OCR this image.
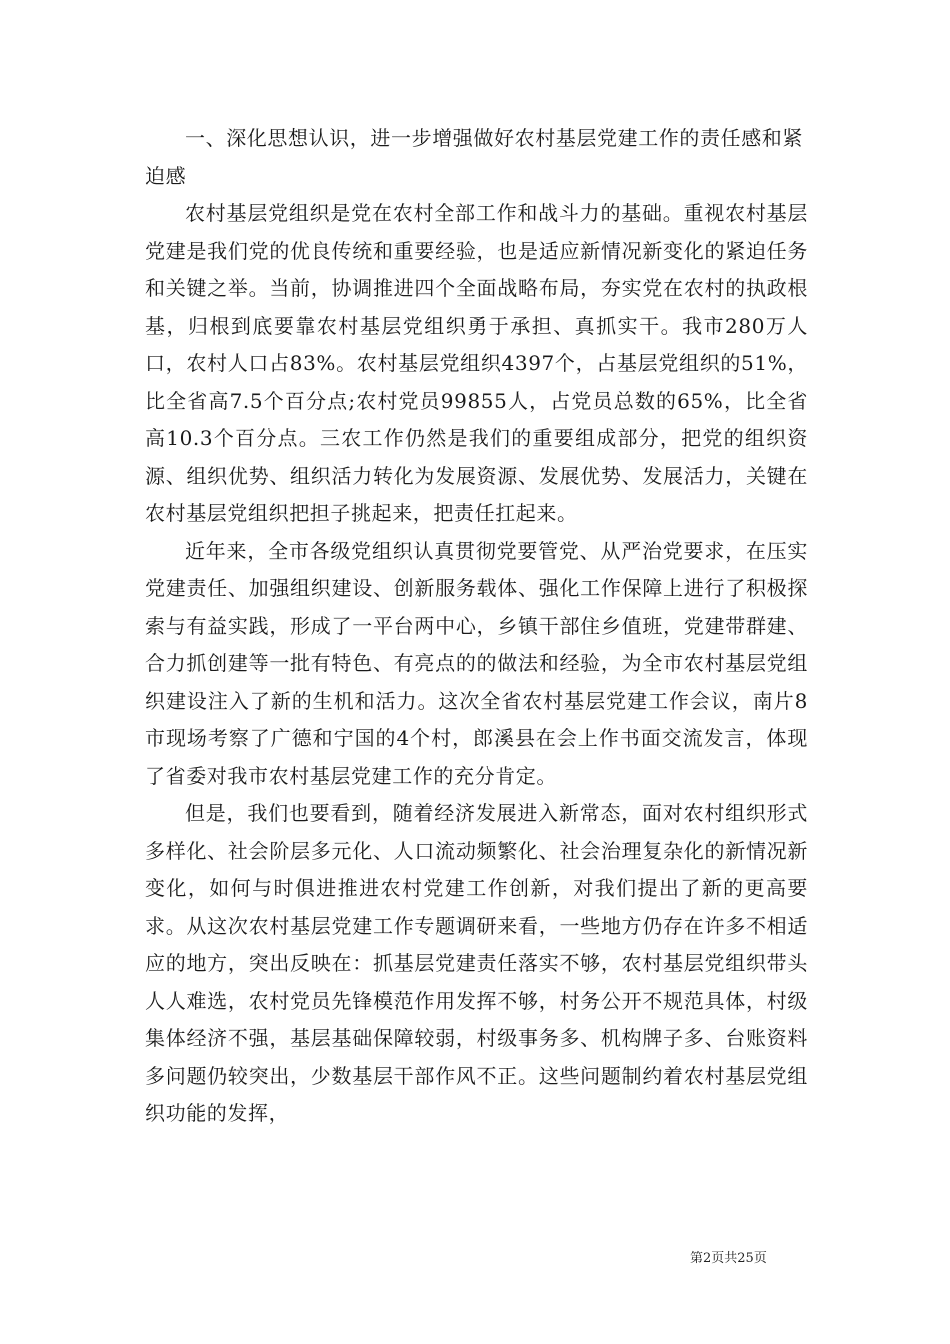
一、深化思想认识，进一步增强做好农村基层党建工作的责任感和紧迫感

农村基层党组织是党在农村全部工作和战斗力的基础。重视农村基层党建是我们党的优良传统和重要经验，也是适应新情况新变化的紧迫任务和关键之举。当前，协调推进四个全面战略布局，夯实党在农村的执政根基，归根到底要靠农村基层党组织勇于承担、真抓实干。我市280万人口，农村人口占83%。农村基层党组织4397个，占基层党组织的51%，比全省高7.5个百分点;农村党员99855人，占党员总数的65%，比全省高10.3个百分点。三农工作仍然是我们的重要组成部分，把党的组织资源、组织优势、组织活力转化为发展资源、发展优势、发展活力，关键在农村基层党组织把担子挑起来，把责任扛起来。

近年来，全市各级党组织认真贯彻党要管党、从严治党要求，在压实党建责任、加强组织建设、创新服务载体、强化工作保障上进行了积极探索与有益实践，形成了一平台两中心，乡镇干部住乡值班，党建带群建、合力抓创建等一批有特色、有亮点的的做法和经验，为全市农村基层党组织建设注入了新的生机和活力。这次全省农村基层党建工作会议，南片8市现场考察了广德和宁国的4个村，郎溪县在会上作书面交流发言，体现了省委对我市农村基层党建工作的充分肯定。

但是，我们也要看到，随着经济发展进入新常态，面对农村组织形式多样化、社会阶层多元化、人口流动频繁化、社会治理复杂化的新情况新变化，如何与时俱进推进农村党建工作创新，对我们提出了新的更高要求。从这次农村基层党建工作专题调研来看，一些地方仍存在许多不相适应的地方，突出反映在：抓基层党建责任落实不够，农村基层党组织带头人人难选，农村党员先锋模范作用发挥不够，村务公开不规范具体，村级集体经济不强，基层基础保障较弱，村级事务多、机构牌子多、台账资料多问题仍较突出，少数基层干部作风不正。这些问题制约着农村基层党组织功能的发挥，

第2页共25页
